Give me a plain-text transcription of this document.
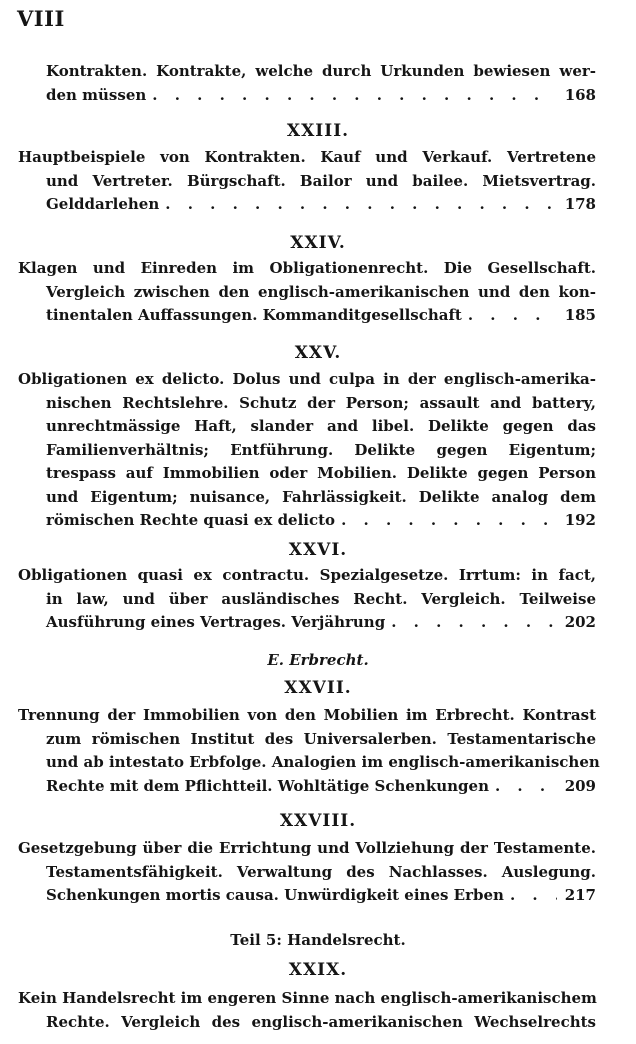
VIII
Kontrakten. Kontrakte, welche durch Urkunden bewiesen wer-
den müssen . . .	168
XXIII.
Hauptbeispiele von Kontrakten. Kauf und Verkauf. Vertretene
und Vertreter. Bürgschaft. Bailor und bailee. Mietsvertrag.
Gelddarlehen . . .	178
XXIV.
Klagen und Einreden im Obligationenrecht. Die Gesellschaft.
Vergleich zwischen den englisch-amerikanischen und den kon-
tinentalen Auffassungen. Kommanditgesellschaft . . .	185
XXV.
Obligationen ex delicto. Dolus und culpa in der englisch-amerika-
nischen Rechtslehre. Schutz der Person; assault and battery,
unrechtmässige Haft, slander and libel. Delikte gegen das
Familienverhältnis; Entführung. Delikte gegen Eigentum;
trespass auf Immobilien oder Mobilien. Delikte gegen Person
und Eigentum; nuisance, Fahrlässigkeit. Delikte analog dem
römischen Rechte quasi ex delicto . . .	192
XXVI.
Obligationen quasi ex contractu. Spezialgesetze. Irrtum: in fact,
in law, und über ausländisches Recht. Vergleich. Teilweise
Ausführung eines Vertrages. Verjährung . . .	202
E. Erbrecht.
XXVII.
Trennung der Immobilien von den Mobilien im Erbrecht. Kontrast
zum römischen Institut des Universalerben. Testamentarische
und ab intestato Erbfolge. Analogien im englisch-amerikanischen
Rechte mit dem Pflichtteil. Wohltätige Schenkungen . . .	209
XXVIII.
Gesetzgebung über die Errichtung und Vollziehung der Testamente.
Testamentsfähigkeit. Verwaltung des Nachlasses. Auslegung.
Schenkungen mortis causa. Unwürdigkeit eines Erben . . .	217
Teil 5: Handelsrecht.
XXIX.
Kein Handelsrecht im engeren Sinne nach englisch-amerikanischem
Rechte. Vergleich des englisch-amerikanischen Wechselrechts
